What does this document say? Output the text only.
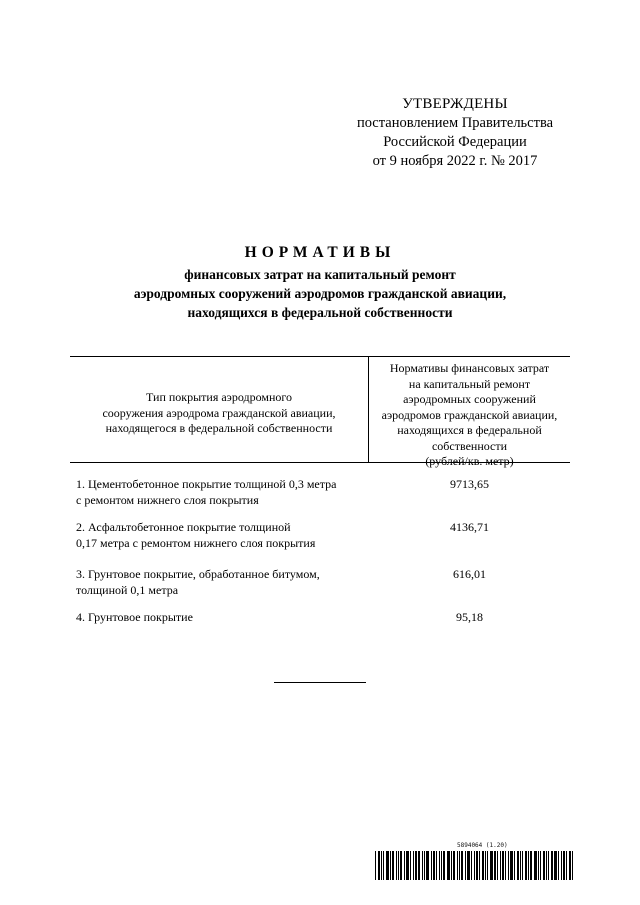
УТВЕРЖДЕНЫ
постановлением Правительства
Российской Федерации
от 9 ноября 2022 г. № 2017
НОРМАТИВЫ
финансовых затрат на капитальный ремонт
аэродромных сооружений аэродромов гражданской авиации,
находящихся в федеральной собственности
Тип покрытия аэродромного
сооружения аэродрома гражданской авиации,
находящегося в федеральной собственности
Нормативы финансовых затрат
на капитальный ремонт
аэродромных сооружений
аэродромов гражданской авиации,
находящихся в федеральной
собственности
(рублей/кв. метр)
1. Цементобетонное покрытие толщиной 0,3 метра
с ремонтом нижнего слоя покрытия
9713,65
2. Асфальтобетонное покрытие толщиной
0,17 метра с ремонтом нижнего слоя покрытия
4136,71
3. Грунтовое покрытие, обработанное битумом,
толщиной 0,1 метра
616,01
4. Грунтовое покрытие	95,18
5894064 (1.20)
